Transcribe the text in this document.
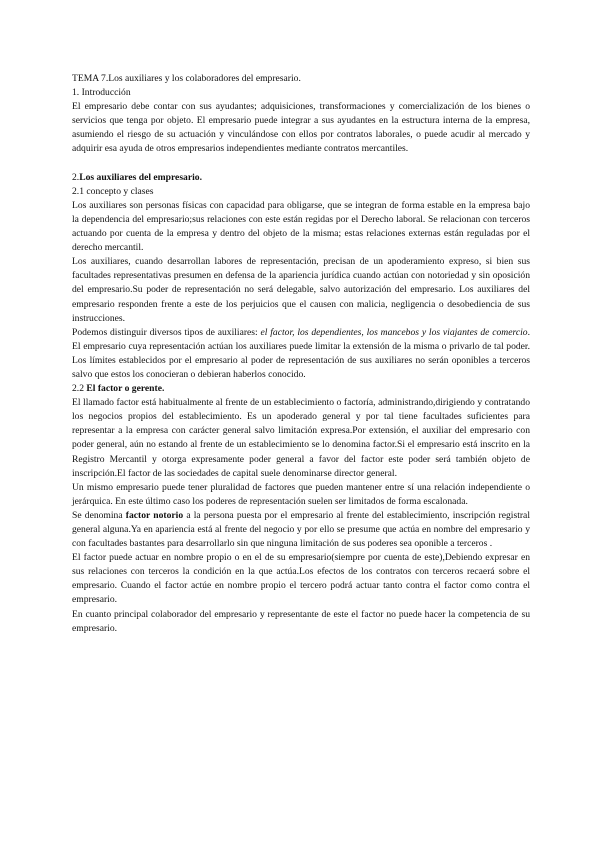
TEMA 7.Los auxiliares y los colaboradores del empresario.

1. Introducción

El empresario debe contar con sus ayudantes; adquisiciones, transformaciones y comercialización de los bienes o servicios que tenga por objeto. El empresario puede integrar a sus ayudantes en la estructura interna de la empresa, asumiendo el riesgo de su actuación y vinculándose con ellos por contratos laborales, o puede acudir al mercado y adquirir esa ayuda de otros empresarios independientes mediante contratos mercantiles.

2.Los auxiliares del empresario.
2.1 concepto y clases

Los auxiliares son personas físicas con capacidad para obligarse, que se integran de forma estable en la empresa bajo la dependencia del empresario;sus relaciones con este están regidas por el Derecho laboral. Se relacionan con terceros actuando por cuenta de la empresa y dentro del objeto de la misma; estas relaciones externas están reguladas por el derecho mercantil.

Los auxiliares, cuando desarrollan labores de representación, precisan de un apoderamiento expreso, si bien sus facultades representativas presumen en defensa de la apariencia jurídica cuando actúan con notoriedad y sin oposición del empresario.Su poder de representación no será delegable, salvo autorización del empresario. Los auxiliares del empresario responden frente a este de los perjuicios que el causen con malicia, negligencia o desobediencia de sus instrucciones.

Podemos distinguir diversos tipos de auxiliares: el factor, los dependientes, los mancebos y los viajantes de comercio. El empresario cuya representación actúan los auxiliares puede limitar la extensión de la misma o privarlo de tal poder. Los límites establecidos por el empresario al poder de representación de sus auxiliares no serán oponibles a terceros salvo que estos los conocieran o debieran haberlos conocido.

2.2 El factor o gerente.

El llamado factor está habitualmente al frente de un establecimiento o factoría, administrando,dirigiendo y contratando los negocios propios del establecimiento. Es un apoderado general y por tal tiene facultades suficientes para representar a la empresa con carácter general salvo limitación expresa.Por extensión, el auxiliar del empresario con poder general, aún no estando al frente de un establecimiento se lo denomina factor.Si el empresario está inscrito en la Registro Mercantil y otorga expresamente poder general a favor del factor este poder será también objeto de inscripción.El factor de las sociedades de capital suele denominarse director general.

Un mismo empresario puede tener pluralidad de factores que pueden mantener entre sí una relación independiente o jerárquica. En este último caso los poderes de representación suelen ser limitados de forma escalonada.

Se denomina factor notorio a la persona puesta por el empresario al frente del establecimiento, inscripción registral general alguna.Ya en apariencia está al frente del negocio y por ello se presume que actúa en nombre del empresario y con facultades bastantes para desarrollarlo sin que ninguna limitación de sus poderes sea oponible a terceros .

El factor puede actuar en nombre propio o en el de su empresario(siempre por cuenta de este),Debiendo expresar en sus relaciones con terceros la condición en la que actúa.Los efectos de los contratos con terceros recaerá sobre el empresario. Cuando el factor actúe en nombre propio el tercero podrá actuar tanto contra el factor como contra el empresario.

En cuanto principal colaborador del empresario y representante de este el factor no puede hacer la competencia de su empresario.
